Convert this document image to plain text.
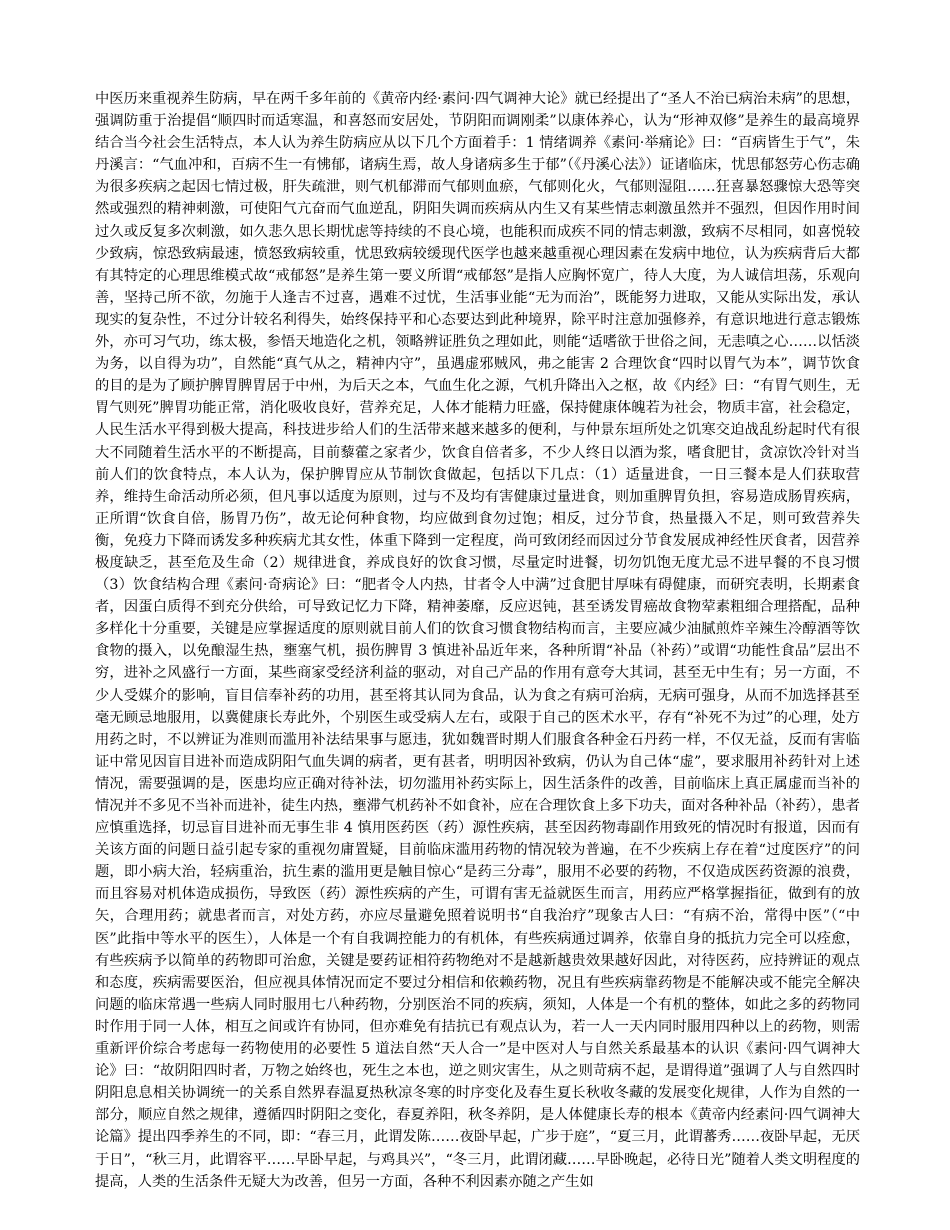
中医历来重视养生防病，早在两千多年前的《黄帝内经·素问·四气调神大论》就已经提出了“圣人不治已病治未病”的思想，强调防重于治提倡“顺四时而适寒温，和喜怒而安居处，节阴阳而调刚柔”以康体养心，认为“形神双修”是养生的最高境界结合当今社会生活特点，本人认为养生防病应从以下几个方面着手：1 情绪调养《素问·举痛论》曰：“百病皆生于气”，朱丹溪言：“气血冲和，百病不生一有怫郁，诸病生焉，故人身诸病多生于郁”（《丹溪心法》）证诸临床，忧思郁怒劳心伤志确为很多疾病之起因七情过极，肝失疏泄，则气机郁滞而气郁则血瘀，气郁则化火，气郁则湿阻……狂喜暴怒骤惊大恐等突然或强烈的精神刺激，可使阳气亢奋而气血逆乱，阴阳失调而疾病从内生又有某些情志刺激虽然并不强烈，但因作用时间过久或反复多次刺激，如久悲久思长期忧虑等持续的不良心境，也能积而成疾不同的情志刺激，致病不尽相同，如喜悦较少致病，惊恐致病最速，愤怒致病较重，忧思致病较缓现代医学也越来越重视心理因素在发病中地位，认为疾病背后大都有其特定的心理思维模式故“戒郁怒”是养生第一要义所谓“戒郁怒”是指人应胸怀宽广，待人大度，为人诚信坦荡，乐观向善，坚持己所不欲，勿施于人逢吉不过喜，遇难不过忧，生活事业能“无为而治”，既能努力进取，又能从实际出发，承认现实的复杂性，不过分计较名利得失，始终保持平和心态要达到此种境界，除平时注意加强修养，有意识地进行意志锻炼外，亦可习气功，练太极，参悟天地造化之机，领略辨证胜负之理如此，则能“适嗜欲于世俗之间，无恚嗔之心……以恬淡为务，以自得为功”，自然能“真气从之，精神内守”，虽遇虚邪贼风，弗之能害 2 合理饮食“四时以胃气为本”，调节饮食的目的是为了顾护脾胃脾胃居于中州，为后天之本，气血生化之源，气机升降出入之枢，故《内经》曰：“有胃气则生，无胃气则死”脾胃功能正常，消化吸收良好，营养充足，人体才能精力旺盛，保持健康体魄若为社会，物质丰富，社会稳定，人民生活水平得到极大提高，科技进步给人们的生活带来越来越多的便利，与仲景东垣所处之饥寒交迫战乱纷起时代有很大不同随着生活水平的不断提高，目前藜藿之家者少，饮食自倍者多，不少人终日以酒为浆，嗜食肥甘，贪凉饮冷针对当前人们的饮食特点，本人认为，保护脾胃应从节制饮食做起，包括以下几点：（1）适量进食，一日三餐本是人们获取营养，维持生命活动所必须，但凡事以适度为原则，过与不及均有害健康过量进食，则加重脾胃负担，容易造成肠胃疾病，正所谓“饮食自倍，肠胃乃伤”，故无论何种食物，均应做到食勿过饱；相反，过分节食，热量摄入不足，则可致营养失衡，免疫力下降而诱发多种疾病尤其女性，体重下降到一定程度，尚可致闭经而因过分节食发展成神经性厌食者，因营养极度缺乏，甚至危及生命（2）规律进食，养成良好的饮食习惯，尽量定时进餐，切勿饥饱无度尤忌不进早餐的不良习惯（3）饮食结构合理《素问·奇病论》曰：“肥者令人内热，甘者令人中满”过食肥甘厚味有碍健康，而研究表明，长期素食者，因蛋白质得不到充分供给，可导致记忆力下降，精神萎靡，反应迟钝，甚至诱发胃癌故食物荤素粗细合理搭配，品种多样化十分重要，关键是应掌握适度的原则就目前人们的饮食习惯食物结构而言，主要应减少油腻煎炸辛辣生冷醇酒等饮食物的摄入，以免酿湿生热，壅塞气机，损伤脾胃 3 慎进补品近年来，各种所谓“补品（补药）”或谓“功能性食品”层出不穷，进补之风盛行一方面，某些商家受经济利益的驱动，对自己产品的作用有意夸大其词，甚至无中生有；另一方面，不少人受媒介的影响，盲目信奉补药的功用，甚至将其认同为食品，认为食之有病可治病，无病可强身，从而不加选择甚至毫无顾忌地服用，以冀健康长寿此外，个别医生或受病人左右，或限于自己的医术水平，存有“补死不为过”的心理，处方用药之时，不以辨证为准则而滥用补法结果事与愿违，犹如魏晋时期人们服食各种金石丹药一样，不仅无益，反而有害临证中常见因盲目进补而造成阴阳气血失调的病者，更有甚者，明明因补致病，仍认为自己体“虚”，要求服用补药针对上述情况，需要强调的是，医患均应正确对待补法，切勿滥用补药实际上，因生活条件的改善，目前临床上真正属虚而当补的情况并不多见不当补而进补，徒生内热，壅滞气机药补不如食补，应在合理饮食上多下功夫，面对各种补品（补药），患者应慎重选择，切忌盲目进补而无事生非 4 慎用医药医（药）源性疾病，甚至因药物毒副作用致死的情况时有报道，因而有关该方面的问题日益引起专家的重视勿庸置疑，目前临床滥用药物的情况较为普遍，在不少疾病上存在着“过度医疗”的问题，即小病大治，轻病重治，抗生素的滥用更是触目惊心“是药三分毒”，服用不必要的药物，不仅造成医药资源的浪费，而且容易对机体造成损伤，导致医（药）源性疾病的产生，可谓有害无益就医生而言，用药应严格掌握指征，做到有的放矢，合理用药；就患者而言，对处方药，亦应尽量避免照着说明书“自我治疗”现象古人曰：“有病不治，常得中医”（“中医”此指中等水平的医生），人体是一个有自我调控能力的有机体，有些疾病通过调养，依靠自身的抵抗力完全可以痊愈，有些疾病予以简单的药物即可治愈，关键是要药证相符药物绝对不是越新越贵效果越好因此，对待医药，应持辨证的观点和态度，疾病需要医治，但应视具体情况而定不要过分相信和依赖药物，况且有些疾病靠药物是不能解决或不能完全解决问题的临床常遇一些病人同时服用七八种药物，分别医治不同的疾病，须知，人体是一个有机的整体，如此之多的药物同时作用于同一人体，相互之间或许有协同，但亦难免有拮抗已有观点认为，若一人一天内同时服用四种以上的药物，则需重新评价综合考虑每一药物使用的必要性 5 道法自然“天人合一”是中医对人与自然关系最基本的认识《素问·四气调神大论》曰：“故阴阳四时者，万物之始终也，死生之本也，逆之则灾害生，从之则苛病不起，是谓得道”强调了人与自然四时阴阳息息相关协调统一的关系自然界春温夏热秋凉冬寒的时序变化及春生夏长秋收冬藏的发展变化规律，人作为自然的一部分，顺应自然之规律，遵循四时阴阳之变化，春夏养阳，秋冬养阴，是人体健康长寿的根本《黄帝内经素问·四气调神大论篇》提出四季养生的不同，即：“春三月，此谓发陈……夜卧早起，广步于庭”，“夏三月，此谓蕃秀……夜卧早起，无厌于日”，“秋三月，此谓容平……早卧早起，与鸡具兴”，“冬三月，此谓闭藏……早卧晚起，必待日光”随着人类文明程度的提高，人类的生活条件无疑大为改善，但另一方面，各种不利因素亦随之产生如
